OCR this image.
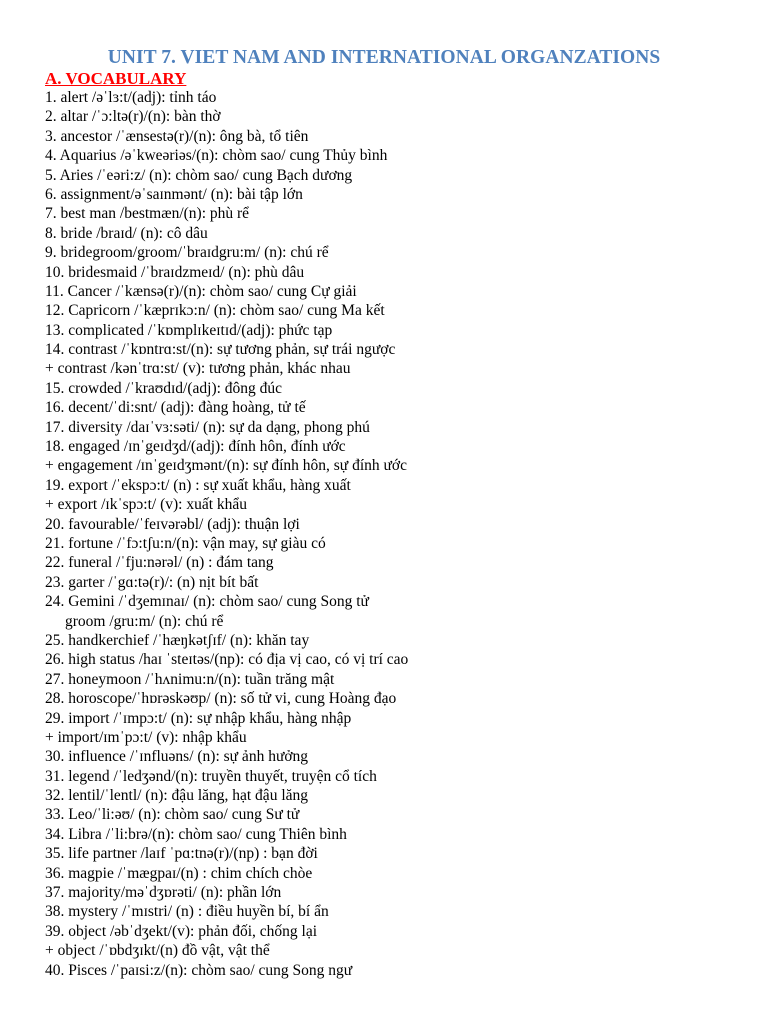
UNIT 7. VIET NAM AND INTERNATIONAL ORGANZATIONS
A. VOCABULARY
1. alert /əˈlɜ:t/(adj): tỉnh táo
2. altar /ˈɔ:ltə(r)/(n): bàn thờ
3. ancestor /ˈænsestə(r)/(n): ông bà, tổ tiên
4. Aquarius /əˈkweəriəs/(n): chòm sao/ cung Thủy bình
5. Aries /ˈeəri:z/ (n): chòm sao/ cung Bạch dương
6. assignment/əˈsaɪnmənt/ (n): bài tập lớn
7. best man /bestmæn/(n): phù rể
8. bride /braɪd/ (n): cô dâu
9. bridegroom/groom/ˈbraɪdgru:m/ (n): chú rể
10. bridesmaid /ˈbraɪdzmeɪd/ (n): phù dâu
11. Cancer /ˈkænsə(r)/(n): chòm sao/ cung Cự giải
12. Capricorn /ˈkæprɪkɔ:n/ (n): chòm sao/ cung Ma kết
13. complicated /ˈkɒmplɪkeɪtɪd/(adj): phức tạp
14. contrast /ˈkɒntrɑ:st/(n): sự tương phản, sự trái ngược
+ contrast /kənˈtrɑ:st/ (v): tương phản, khác nhau
15. crowded /ˈkraʊdɪd/(adj): đông đúc
16. decent/ˈdi:snt/ (adj): đàng hoàng, tử tế
17. diversity /daɪˈvɜ:səti/ (n): sự da dạng, phong phú
18. engaged /ɪnˈgeɪdʒd/(adj): đính hôn, đính ước
+ engagement /ɪnˈgeɪdʒmənt/(n): sự đính hôn, sự đính ước
19. export /ˈekspɔ:t/ (n) : sự xuất khẩu, hàng xuất
+ export /ɪkˈspɔ:t/ (v): xuất khẩu
20. favourable/ˈfeɪvərəbl/ (adj): thuận lợi
21. fortune /ˈfɔ:tʃu:n/(n): vận may, sự giàu có
22. funeral /ˈfju:nərəl/ (n) : đám tang
23. garter /ˈgɑ:tə(r)/: (n) nịt bít bất
24. Gemini /ˈdʒemɪnaɪ/ (n): chòm sao/ cung Song tử
groom /gru:m/ (n): chú rể
25. handkerchief /ˈhæŋkətʃɪf/ (n): khăn tay
26. high status /haɪ ˈsteɪtəs/(np): có địa vị cao, có vị trí cao
27. honeymoon /ˈhʌnimu:n/(n): tuần trăng mật
28. horoscope/ˈhɒrəskəʊp/ (n): số tử vi, cung Hoàng đạo
29. import /ˈɪmpɔ:t/ (n): sự nhập khẩu, hàng nhập
+ import/ɪmˈpɔ:t/ (v): nhập khẩu
30. influence /ˈɪnfluəns/ (n): sự ảnh hưởng
31. legend /ˈledʒənd/(n): truyền thuyết, truyện cổ tích
32. lentil/ˈlentl/ (n): đậu lăng, hạt đậu lăng
33. Leo/ˈli:əʊ/ (n): chòm sao/ cung Sư tử
34. Libra /ˈli:brə/(n): chòm sao/ cung Thiên bình
35. life partner /laɪf ˈpɑ:tnə(r)/(np) : bạn đời
36. magpie /ˈmægpaɪ/(n) : chim chích chòe
37. majority/məˈdʒɒrəti/ (n): phần lớn
38. mystery /ˈmɪstri/ (n) : điều huyền bí, bí ẩn
39. object /əbˈdʒekt/(v): phản đối, chống lại
+ object /ˈɒbdʒɪkt/(n) đồ vật, vật thể
40. Pisces /ˈpaɪsi:z/(n): chòm sao/ cung Song ngư
